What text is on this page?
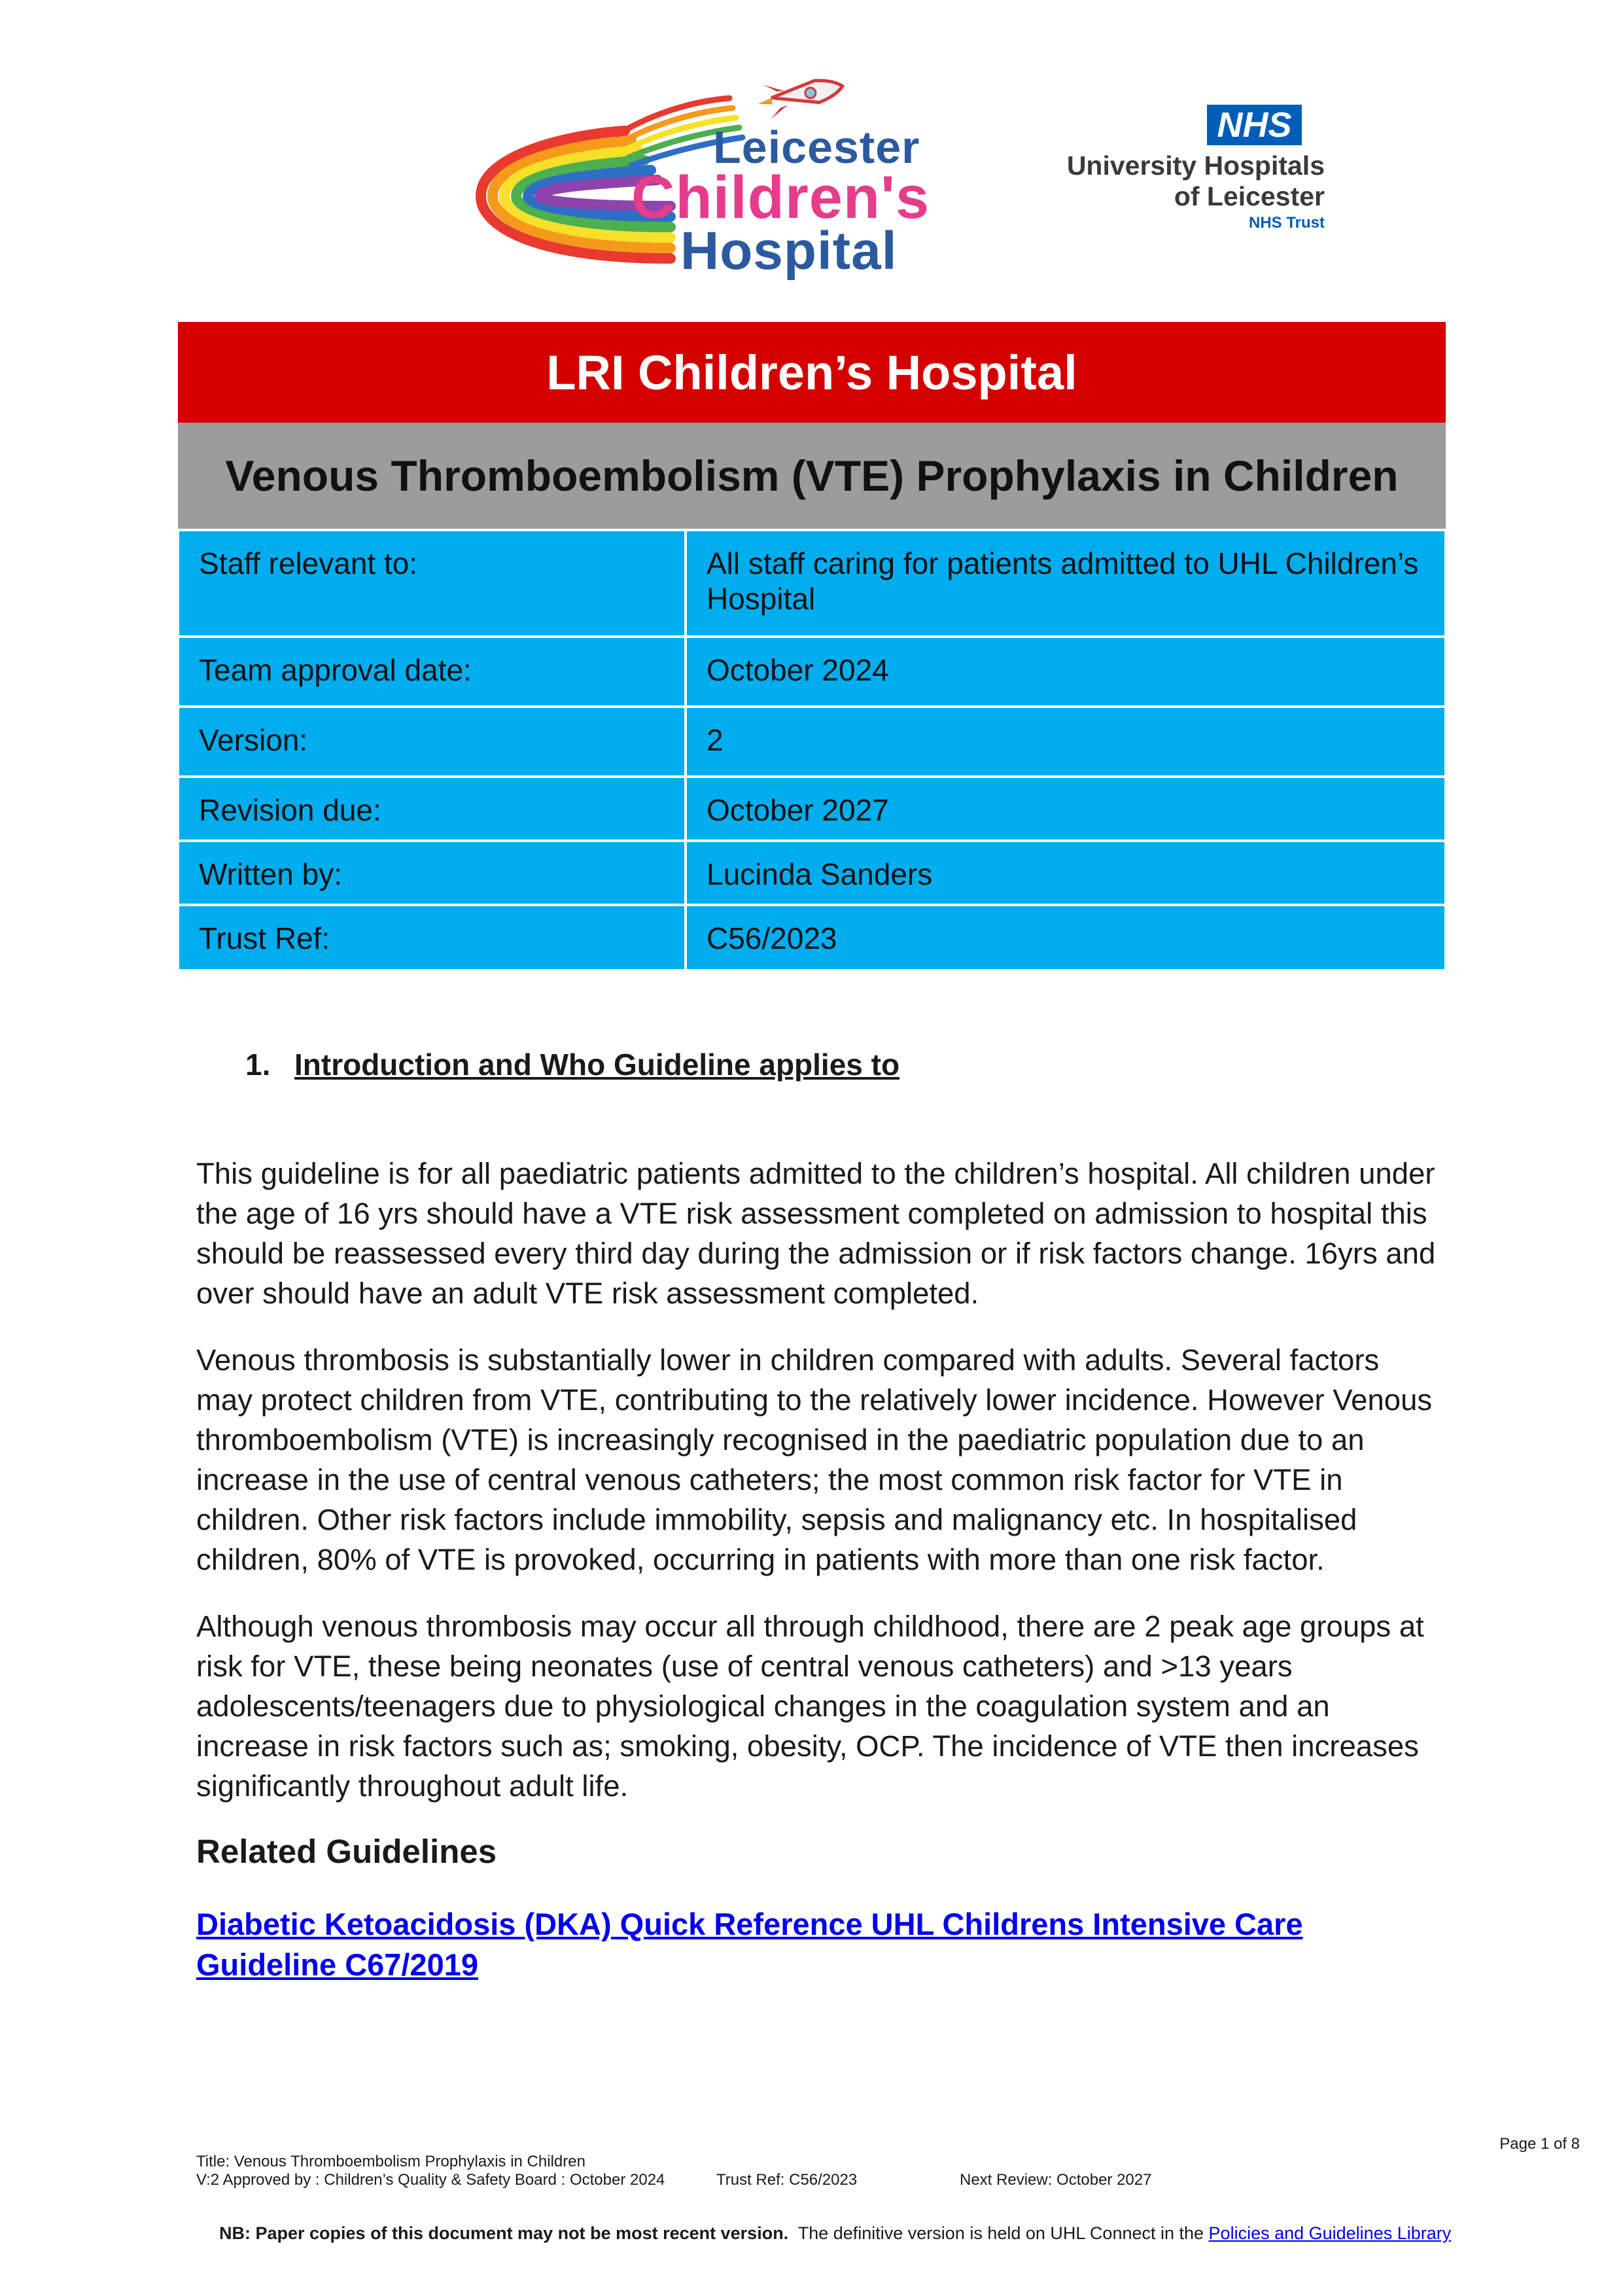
Leicester
Children's
Hospital
NHS
University Hospitals
of Leicester
NHS Trust
LRI Children’s Hospital	
Venous Thromboembolism (VTE) Prophylaxis in Children	
Staff relevant to:	All staff caring for patients admitted to UHL Children’s Hospital
Team approval date:	October 2024
Version:	2
Revision due:	October 2027
Written by:	Lucinda Sanders
Trust Ref:	C56/2023
1. Introduction and Who Guideline applies to

This guideline is for all paediatric patients admitted to the children’s hospital. All children under the age of 16 yrs should have a VTE risk assessment completed on admission to hospital this should be reassessed every third day during the admission or if risk factors change. 16yrs and over should have an adult VTE risk assessment completed.

Venous thrombosis is substantially lower in children compared with adults. Several factors may protect children from VTE, contributing to the relatively lower incidence. However Venous thromboembolism (VTE) is increasingly recognised in the paediatric population due to an increase in the use of central venous catheters; the most common risk factor for VTE in children. Other risk factors include immobility, sepsis and malignancy etc. In hospitalised children, 80% of VTE is provoked, occurring in patients with more than one risk factor.

Although venous thrombosis may occur all through childhood, there are 2 peak age groups at risk for VTE, these being neonates (use of central venous catheters) and >13 years adolescents/teenagers due to physiological changes in the coagulation system and an increase in risk factors such as; smoking, obesity, OCP. The incidence of VTE then increases significantly throughout adult life.

Related Guidelines
Diabetic Ketoacidosis (DKA) Quick Reference UHL Childrens Intensive Care Guideline C67/2019
Page 1 of 8
Title: Venous Thromboembolism Prophylaxis in Children
V:2 Approved by : Children’s Quality & Safety Board : October 2024	Trust Ref: C56/2023	Next Review: October 2027
NB: Paper copies of this document may not be most recent version.  The definitive version is held on UHL Connect in the Policies and Guidelines Library
